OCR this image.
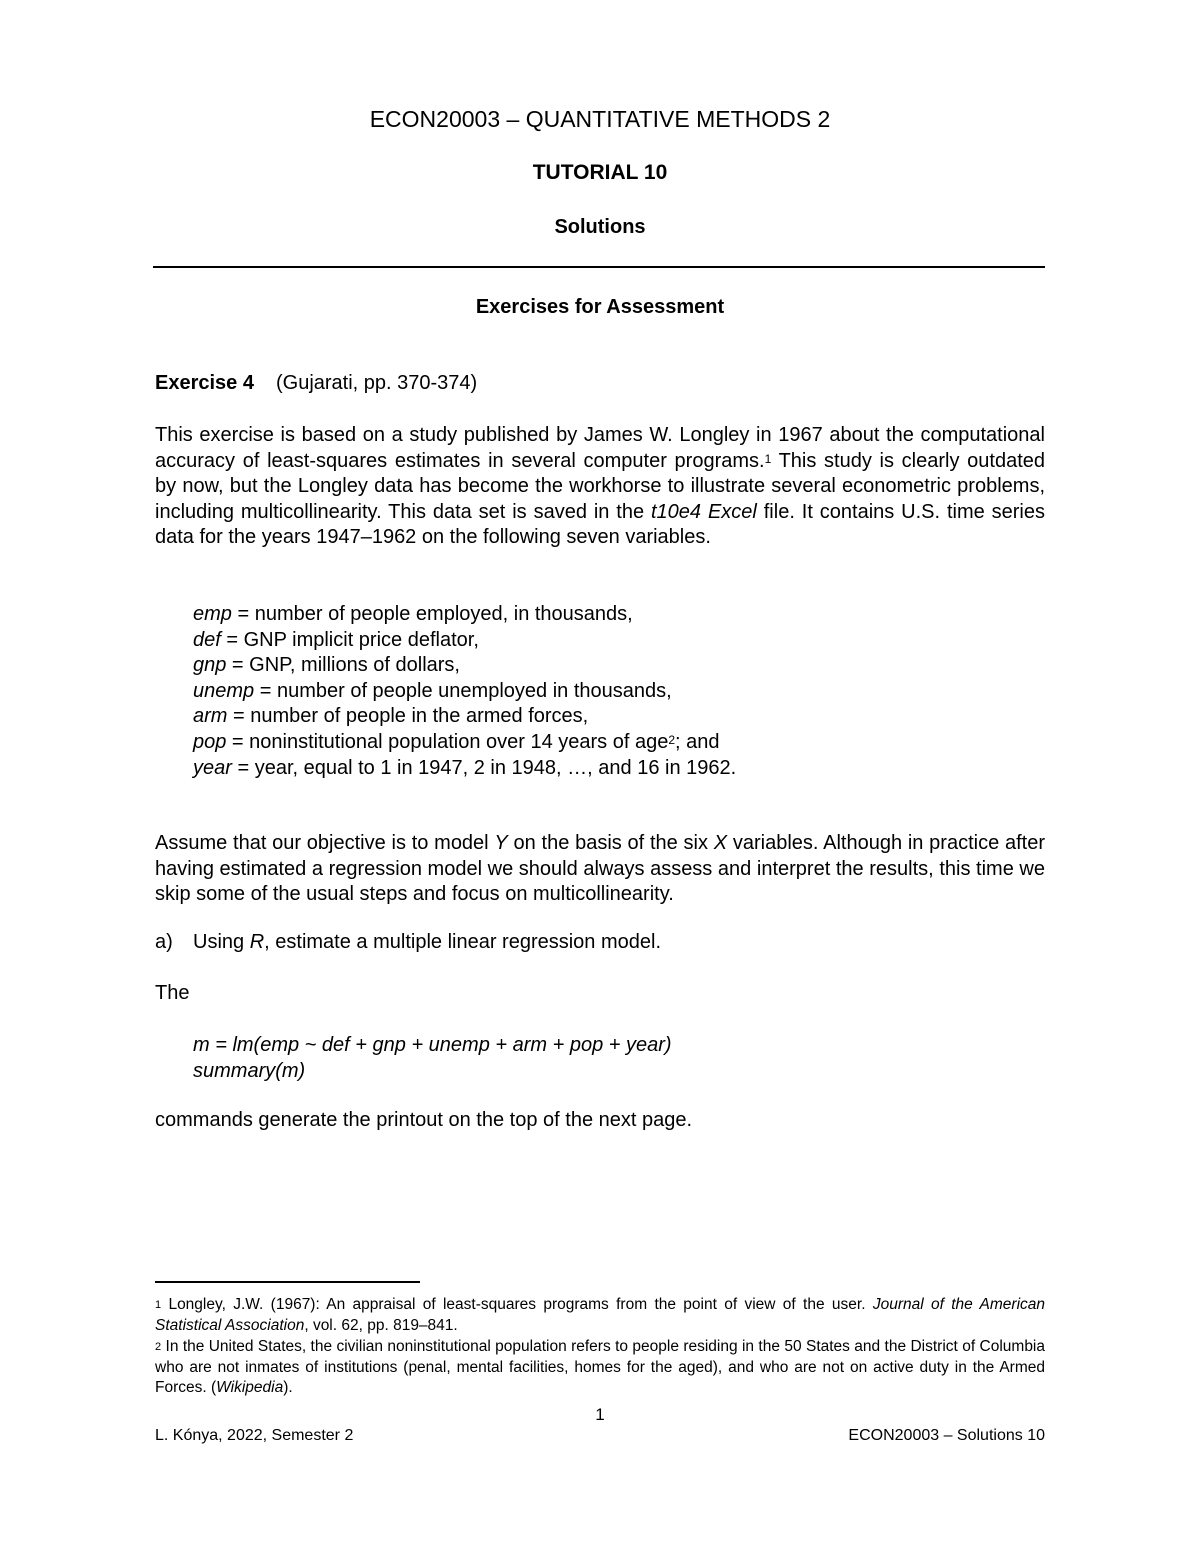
ECON20003 – QUANTITATIVE METHODS 2
TUTORIAL 10
Solutions
Exercises for Assessment
Exercise 4 (Gujarati, pp. 370-374)
This exercise is based on a study published by James W. Longley in 1967 about the computational accuracy of least-squares estimates in several computer programs.$^1$ This study is clearly outdated by now, but the Longley data has become the workhorse to illustrate several econometric problems, including multicollinearity. This data set is saved in the t10e4 Excel file. It contains U.S. time series data for the years 1947–1962 on the following seven variables.
emp = number of people employed, in thousands,
def = GNP implicit price deflator,
gnp = GNP, millions of dollars,
unemp = number of people unemployed in thousands,
arm = number of people in the armed forces,
pop = noninstitutional population over 14 years of age$^2$; and
year = year, equal to 1 in 1947, 2 in 1948, …, and 16 in 1962.
Assume that our objective is to model Y on the basis of the six X variables. Although in practice after having estimated a regression model we should always assess and interpret the results, this time we skip some of the usual steps and focus on multicollinearity.
a) Using R, estimate a multiple linear regression model.
The
m = lm(emp ~ def + gnp + unemp + arm + pop + year)
summary(m)
commands generate the printout on the top of the next page.
$^1$ Longley, J.W. (1967): An appraisal of least-squares programs from the point of view of the user. Journal of the American Statistical Association, vol. 62, pp. 819–841.
$^2$ In the United States, the civilian noninstitutional population refers to people residing in the 50 States and the District of Columbia who are not inmates of institutions (penal, mental facilities, homes for the aged), and who are not on active duty in the Armed Forces. (Wikipedia).
1
L. Kónya, 2022, Semester 2	ECON20003 – Solutions 10
